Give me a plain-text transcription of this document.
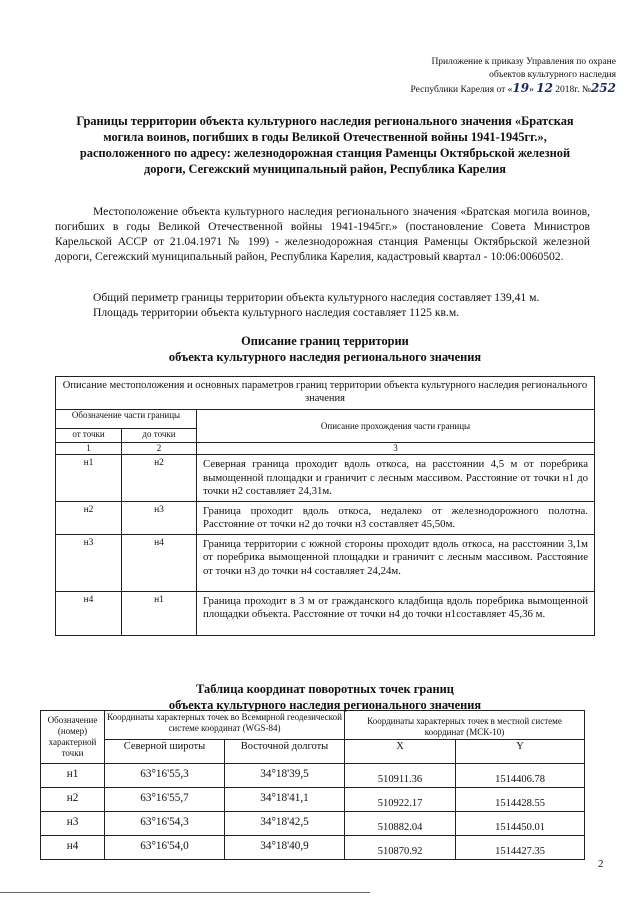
Приложение к приказу Управления по охране
объектов культурного наследия
Республики Карелия от «19» 12 2018г. №252
Границы территории объекта культурного наследия регионального значения «Братская могила воинов, погибших в годы Великой Отечественной войны 1941-1945гг.», расположенного по адресу: железнодорожная станция Раменцы Октябрьской железной дороги, Сегежский муниципальный район, Республика Карелия
Местоположение объекта культурного наследия регионального значения «Братская могила воинов, погибших в годы Великой Отечественной войны 1941-1945гг.» (постановление Совета Министров Карельской АССР от 21.04.1971 № 199) - железнодорожная станция Раменцы Октябрьской железной дороги, Сегежский муниципальный район, Республика Карелия, кадастровый квартал - 10:06:0060502.
Общий периметр границы территории объекта культурного наследия составляет 139,41 м.
Площадь территории объекта культурного наследия составляет 1125 кв.м.
Описание границ территории
объекта культурного наследия регионального значения
Описание местоположения и основных параметров границ территории объекта культурного наследия регионального значения		
Обозначение части границы		Описание прохождения части границы
от точки	до точки	
1	2	3
н1	н2	Северная граница проходит вдоль откоса, на расстоянии 4,5 м от поребрика вымощенной площадки и граничит с лесным массивом. Расстояние от точки н1 до точки н2 составляет 24,31м.
н2	н3	Граница проходит вдоль откоса, недалеко от железнодорожного полотна. Расстояние от точки н2 до точки н3 составляет 45,50м.
н3	н4	Граница территории с южной стороны проходит вдоль откоса, на расстоянии 3,1м от поребрика вымощенной площадки и граничит с лесным массивом. Расстояние от точки н3 до точки н4 составляет 24,24м.
н4	н1	Граница проходит в 3 м от гражданского кладбища вдоль поребрика вымощенной площадки объекта. Расстояние от точки н4 до точки н1составляет 45,36 м.
Таблица координат поворотных точек границ
объекта культурного наследия регионального значения
Обозначение (номер) характерной точки	Координаты характерных точек во Всемирной геодезической системе координат (WGS-84)		Координаты характерных точек в местной системе координат (МСК-10)	
	Северной широты	Восточной долготы	X	Y
н1	63°16'55,3	34°18'39,5	510911.36	1514406.78
н2	63°16'55,7	34°18'41,1	510922.17	1514428.55
н3	63°16'54,3	34°18'42,5	510882.04	1514450.01
н4	63°16'54,0	34°18'40,9	510870.92	1514427.35
2
